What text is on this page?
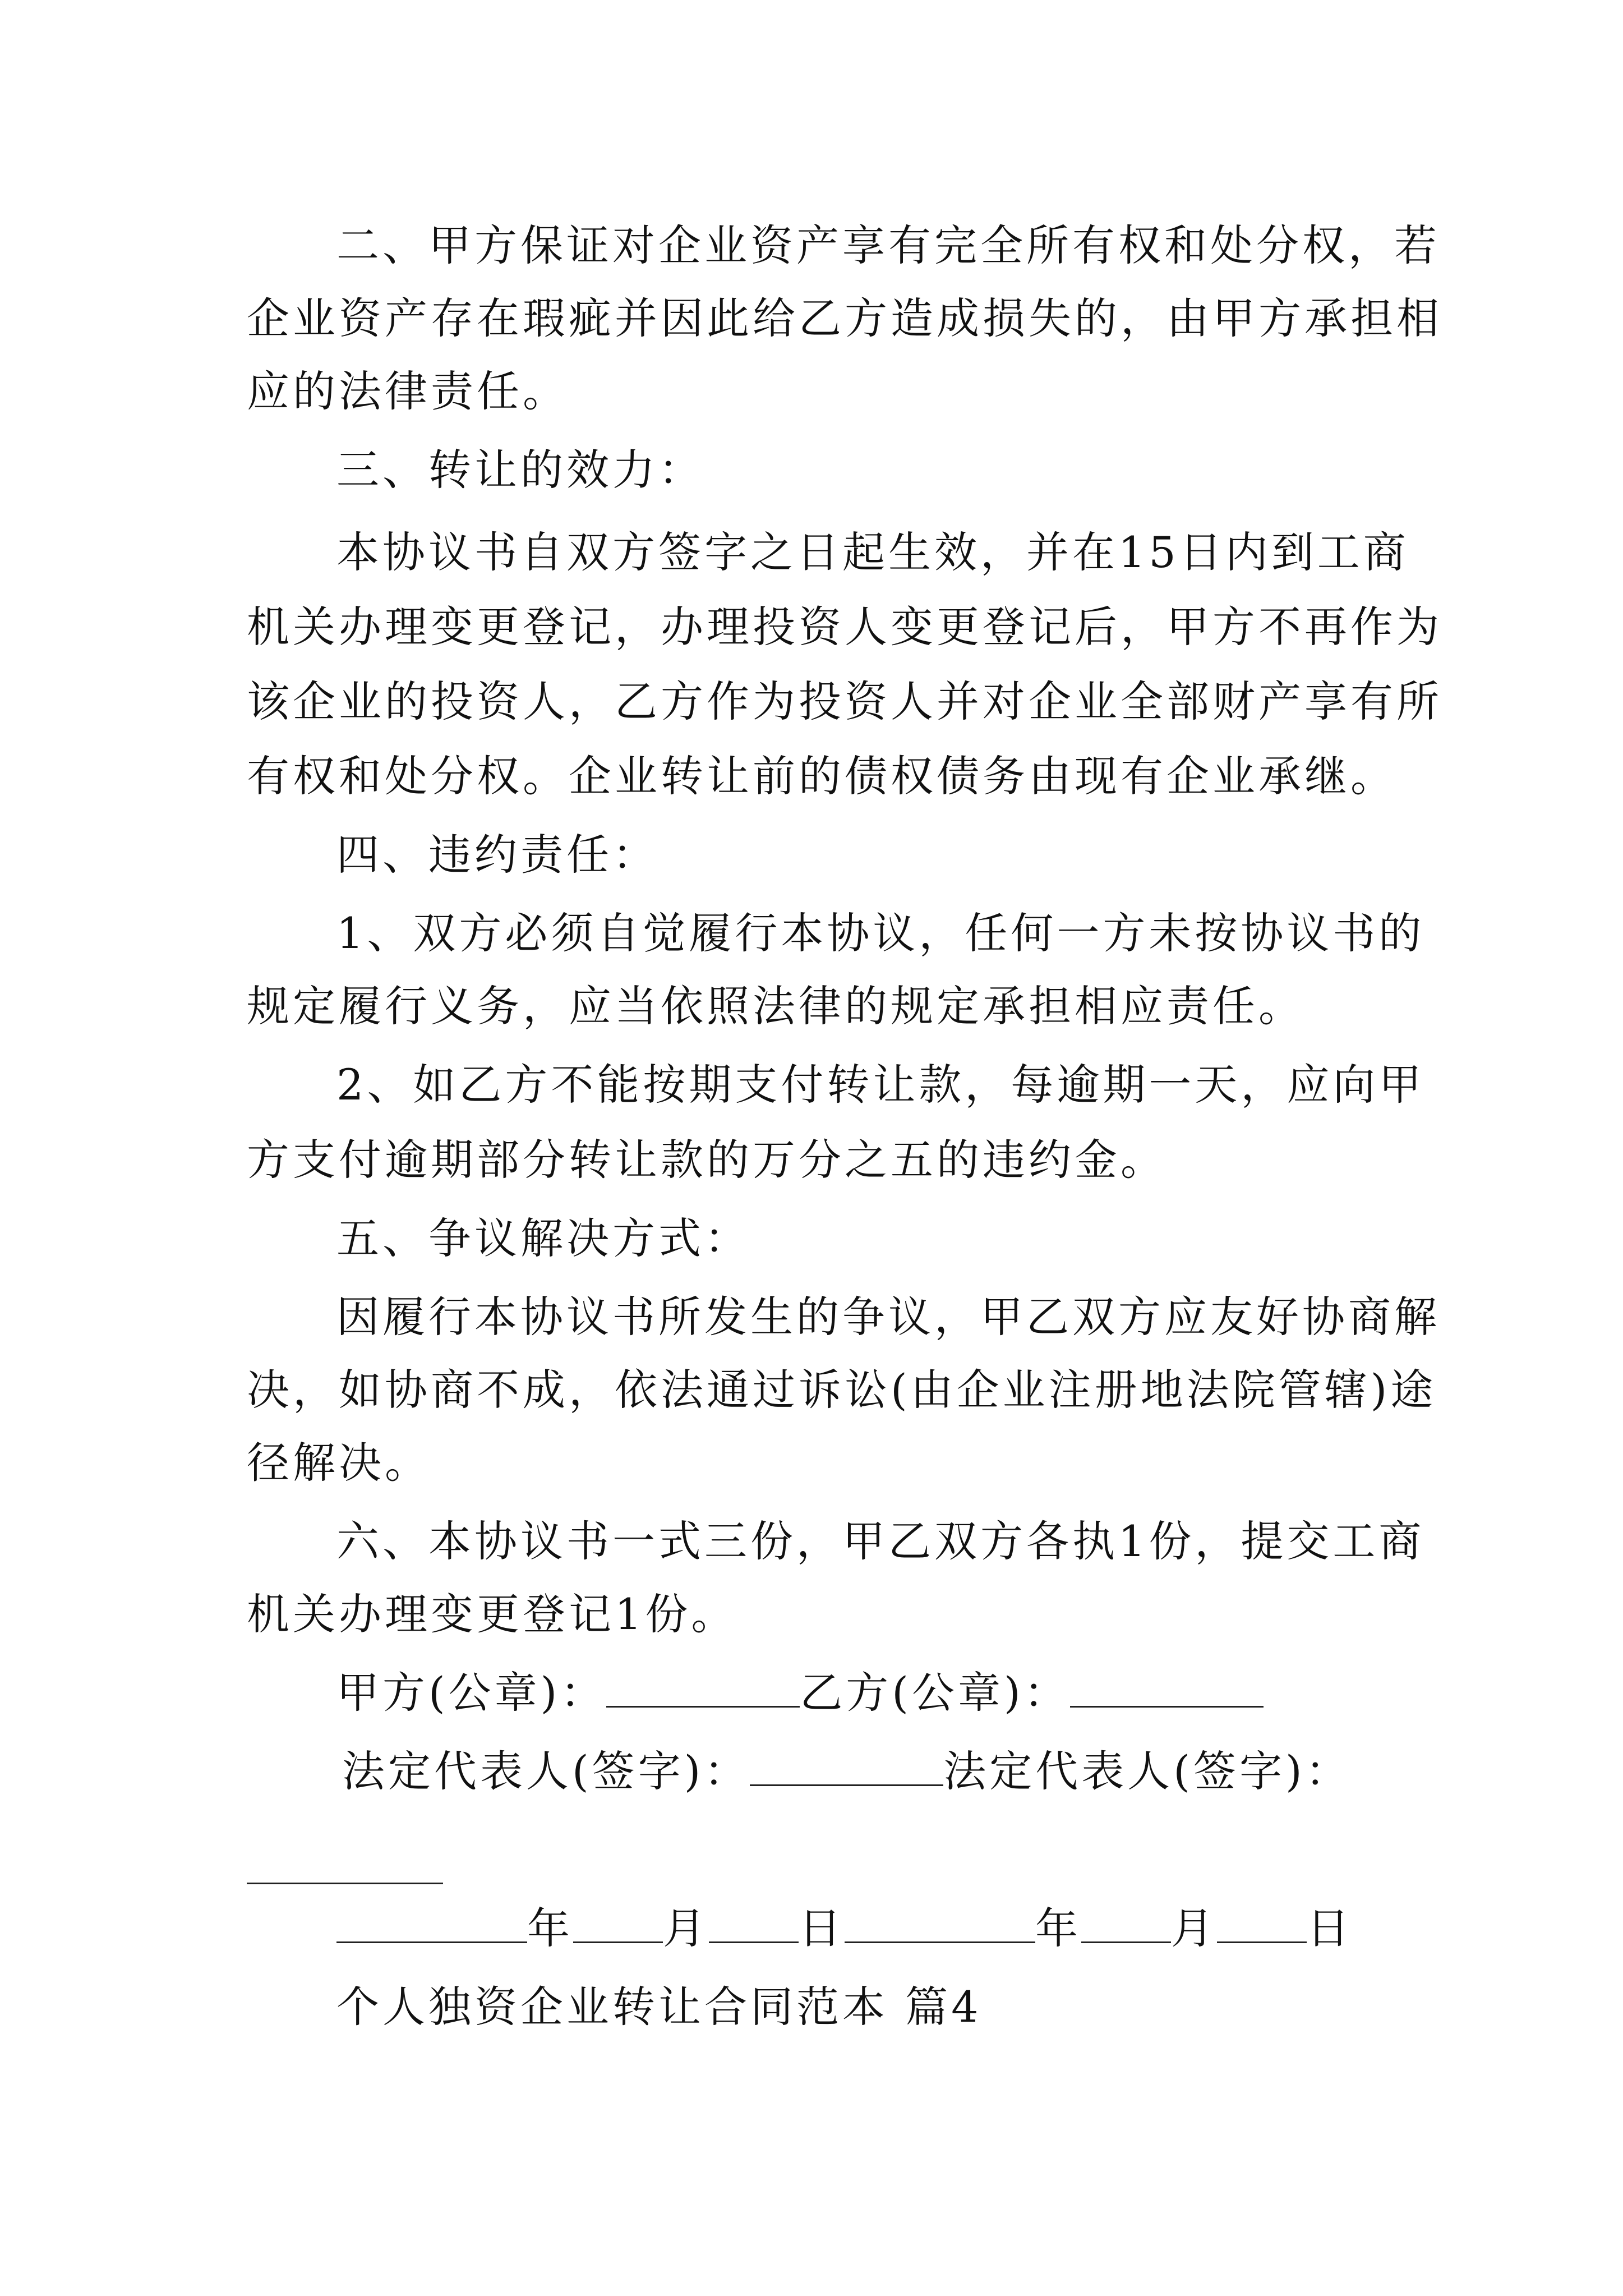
二、甲方保证对企业资产享有完全所有权和处分权，若
企业资产存在瑕疵并因此给乙方造成损失的，由甲方承担相
应的法律责任。
三、转让的效力：
本协议书自双方签字之日起生效，并在15日内到工商
机关办理变更登记，办理投资人变更登记后，甲方不再作为
该企业的投资人，乙方作为投资人并对企业全部财产享有所
有权和处分权。企业转让前的债权债务由现有企业承继。
四、违约责任：
1、双方必须自觉履行本协议，任何一方未按协议书的
规定履行义务，应当依照法律的规定承担相应责任。
2、如乙方不能按期支付转让款，每逾期一天，应向甲
方支付逾期部分转让款的万分之五的违约金。
五、争议解决方式：
因履行本协议书所发生的争议，甲乙双方应友好协商解
决，如协商不成，依法通过诉讼(由企业注册地法院管辖)途
径解决。
六、本协议书一式三份，甲乙双方各执1份，提交工商
机关办理变更登记1份。
甲方(公章)：	乙方(公章)：
法定代表人(签字)：	法定代表人(签字)：
年 月 日	年 月 日
个人独资企业转让合同范本 篇4
